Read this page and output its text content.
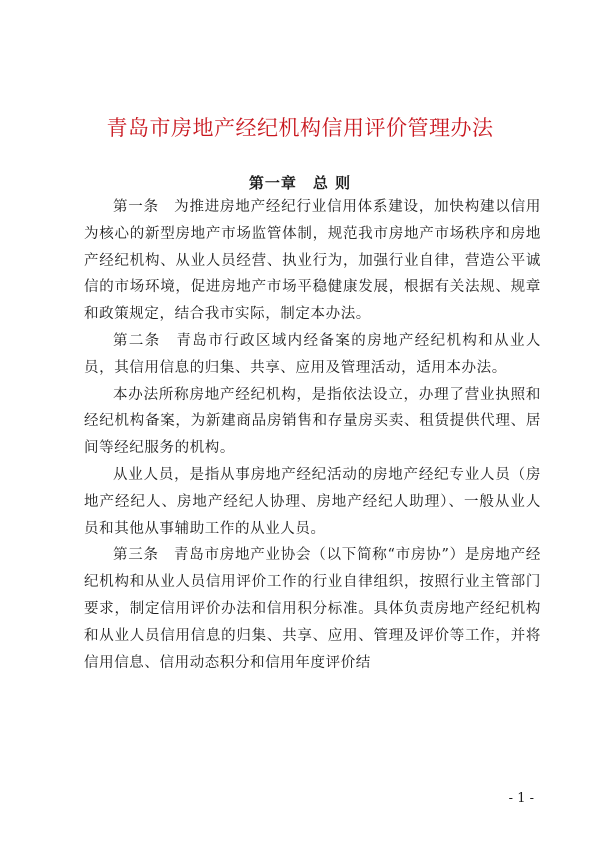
青岛市房地产经纪机构信用评价管理办法
第一章　总 则

第一条　为推进房地产经纪行业信用体系建设，加快构建以信用为核心的新型房地产市场监管体制，规范我市房地产市场秩序和房地产经纪机构、从业人员经营、执业行为，加强行业自律，营造公平诚信的市场环境，促进房地产市场平稳健康发展，根据有关法规、规章和政策规定，结合我市实际，制定本办法。

第二条　青岛市行政区域内经备案的房地产经纪机构和从业人员，其信用信息的归集、共享、应用及管理活动，适用本办法。

本办法所称房地产经纪机构，是指依法设立，办理了营业执照和经纪机构备案，为新建商品房销售和存量房买卖、租赁提供代理、居间等经纪服务的机构。

从业人员，是指从事房地产经纪活动的房地产经纪专业人员（房地产经纪人、房地产经纪人协理、房地产经纪人助理）、一般从业人员和其他从事辅助工作的从业人员。

第三条　青岛市房地产业协会（以下简称“市房协”）是房地产经纪机构和从业人员信用评价工作的行业自律组织，按照行业主管部门要求，制定信用评价办法和信用积分标准。具体负责房地产经纪机构和从业人员信用信息的归集、共享、应用、管理及评价等工作，并将信用信息、信用动态积分和信用年度评价结

- 1 -
